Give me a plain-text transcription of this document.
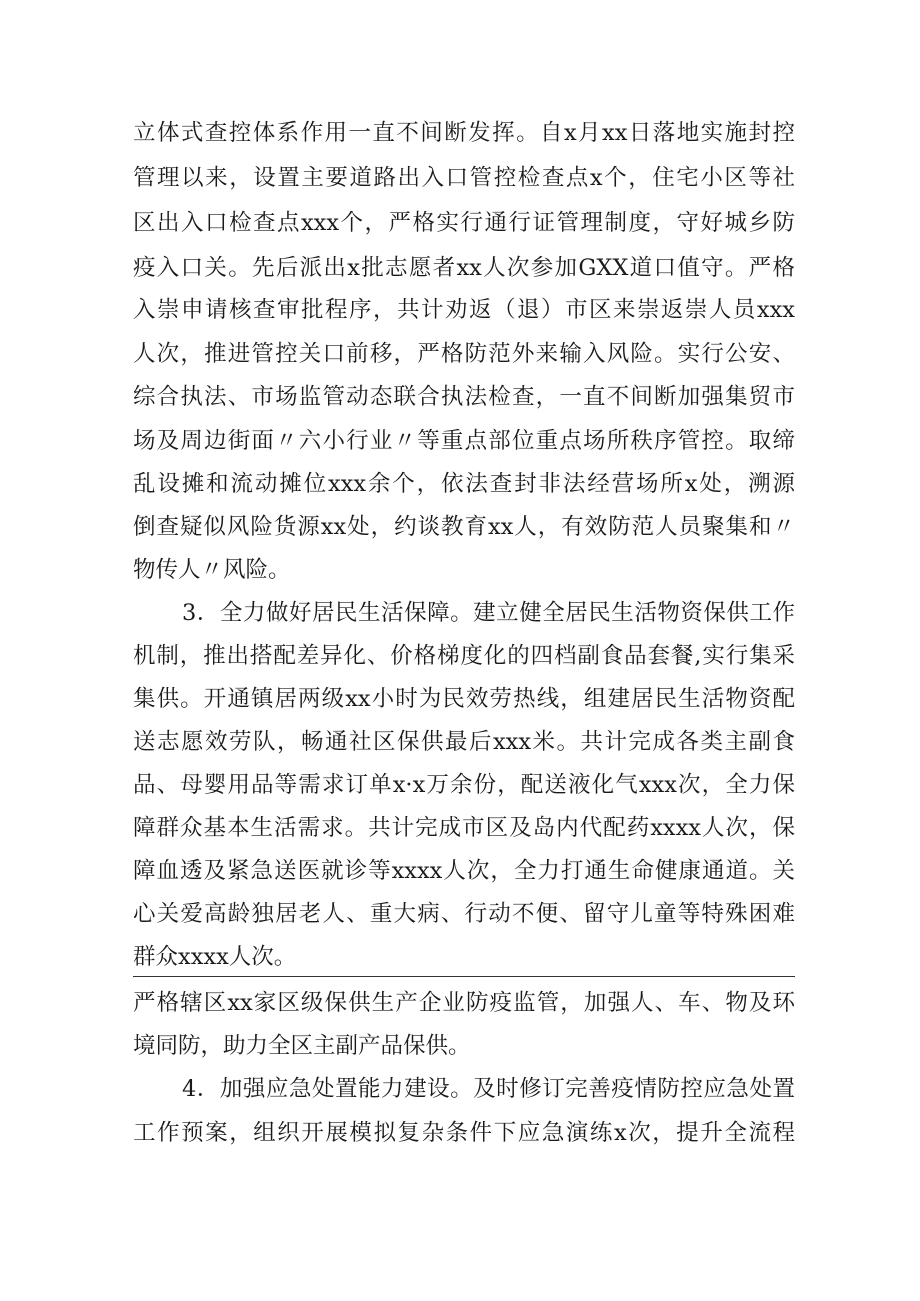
立体式查控体系作用一直不间断发挥。自x月xx日落地实施封控
管理以来，设置主要道路出入口管控检查点x个，住宅小区等社
区出入口检查点xxx个，严格实行通行证管理制度，守好城乡防
疫入口关。先后派出x批志愿者xx人次参加GXX道口值守。严格
入崇申请核查审批程序，共计劝返（退）市区来崇返崇人员xxx
人次，推进管控关口前移，严格防范外来输入风险。实行公安、
综合执法、市场监管动态联合执法检查，一直不间断加强集贸市
场及周边街面〃六小行业〃等重点部位重点场所秩序管控。取缔
乱设摊和流动摊位xxx余个，依法查封非法经营场所x处，溯源
倒查疑似风险货源xx处，约谈教育xx人，有效防范人员聚集和〃
物传人〃风险。
3．全力做好居民生活保障。建立健全居民生活物资保供工作
机制，推出搭配差异化、价格梯度化的四档副食品套餐,实行集采
集供。开通镇居两级xx小时为民效劳热线，组建居民生活物资配
送志愿效劳队，畅通社区保供最后xxx米。共计完成各类主副食
品、母婴用品等需求订单x·x万余份，配送液化气xxx次，全力保
障群众基本生活需求。共计完成市区及岛内代配药xxxx人次，保
障血透及紧急送医就诊等xxxx人次，全力打通生命健康通道。关
心关爱高龄独居老人、重大病、行动不便、留守儿童等特殊困难
群众xxxx人次。
严格辖区xx家区级保供生产企业防疫监管，加强人、车、物及环
境同防，助力全区主副产品保供。
4．加强应急处置能力建设。及时修订完善疫情防控应急处置
工作预案，组织开展模拟复杂条件下应急演练x次，提升全流程
